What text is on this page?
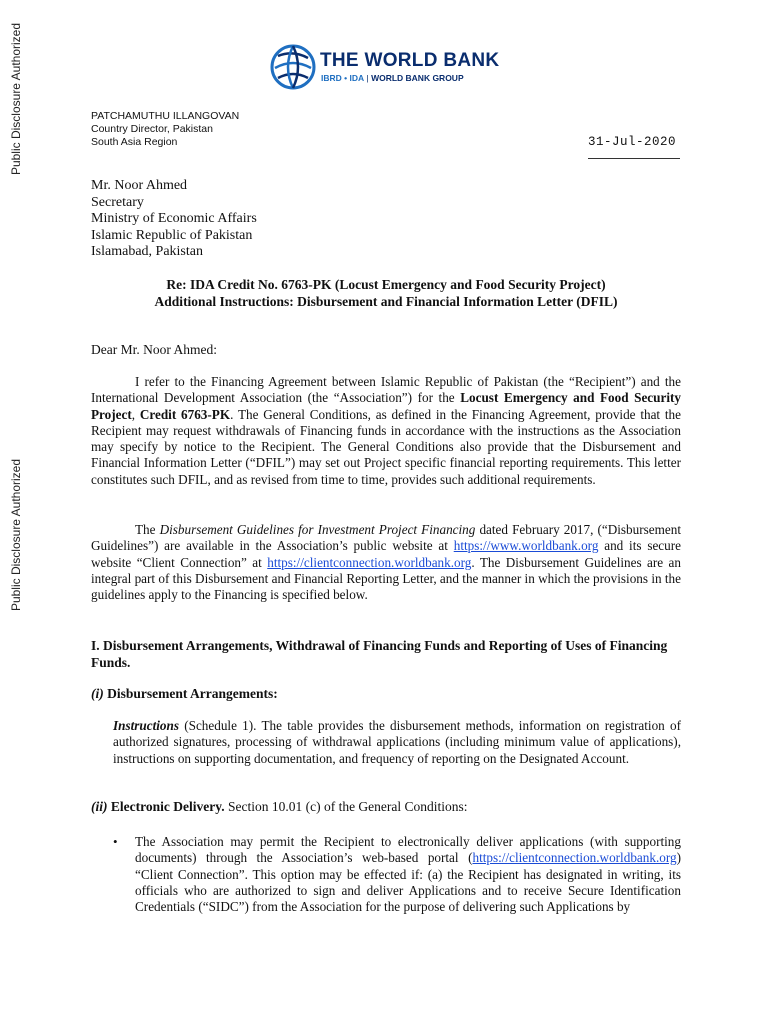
Public Disclosure Authorized
Public Disclosure Authorized
THE WORLD BANK
IBRD • IDA | WORLD BANK GROUP
PATCHAMUTHU ILLANGOVAN
Country Director, Pakistan
South Asia Region	31-Jul-2020
Mr. Noor Ahmed
Secretary
Ministry of Economic Affairs
Islamic Republic of Pakistan
Islamabad, Pakistan
Re: IDA Credit No. 6763-PK (Locust Emergency and Food Security Project)
Additional Instructions: Disbursement and Financial Information Letter (DFIL)
Dear Mr. Noor Ahmed:
I refer to the Financing Agreement between Islamic Republic of Pakistan (the “Recipient”) and the International Development Association (the “Association”) for the Locust Emergency and Food Security Project, Credit 6763-PK. The General Conditions, as defined in the Financing Agreement, provide that the Recipient may request withdrawals of Financing funds in accordance with the instructions as the Association may specify by notice to the Recipient. The General Conditions also provide that the Disbursement and Financial Information Letter (“DFIL”) may set out Project specific financial reporting requirements. This letter constitutes such DFIL, and as revised from time to time, provides such additional requirements.
The Disbursement Guidelines for Investment Project Financing dated February 2017, (“Disbursement Guidelines”) are available in the Association’s public website at https://www.worldbank.org and its secure website “Client Connection” at https://clientconnection.worldbank.org. The Disbursement Guidelines are an integral part of this Disbursement and Financial Reporting Letter, and the manner in which the provisions in the guidelines apply to the Financing is specified below.
I. Disbursement Arrangements, Withdrawal of Financing Funds and Reporting of Uses of Financing Funds.
(i) Disbursement Arrangements:
Instructions (Schedule 1). The table provides the disbursement methods, information on registration of authorized signatures, processing of withdrawal applications (including minimum value of applications), instructions on supporting documentation, and frequency of reporting on the Designated Account.
(ii) Electronic Delivery. Section 10.01 (c) of the General Conditions:
• The Association may permit the Recipient to electronically deliver applications (with supporting documents) through the Association’s web-based portal (https://clientconnection.worldbank.org) “Client Connection”. This option may be effected if: (a) the Recipient has designated in writing, its officials who are authorized to sign and deliver Applications and to receive Secure Identification Credentials (“SIDC”) from the Association for the purpose of delivering such Applications by
